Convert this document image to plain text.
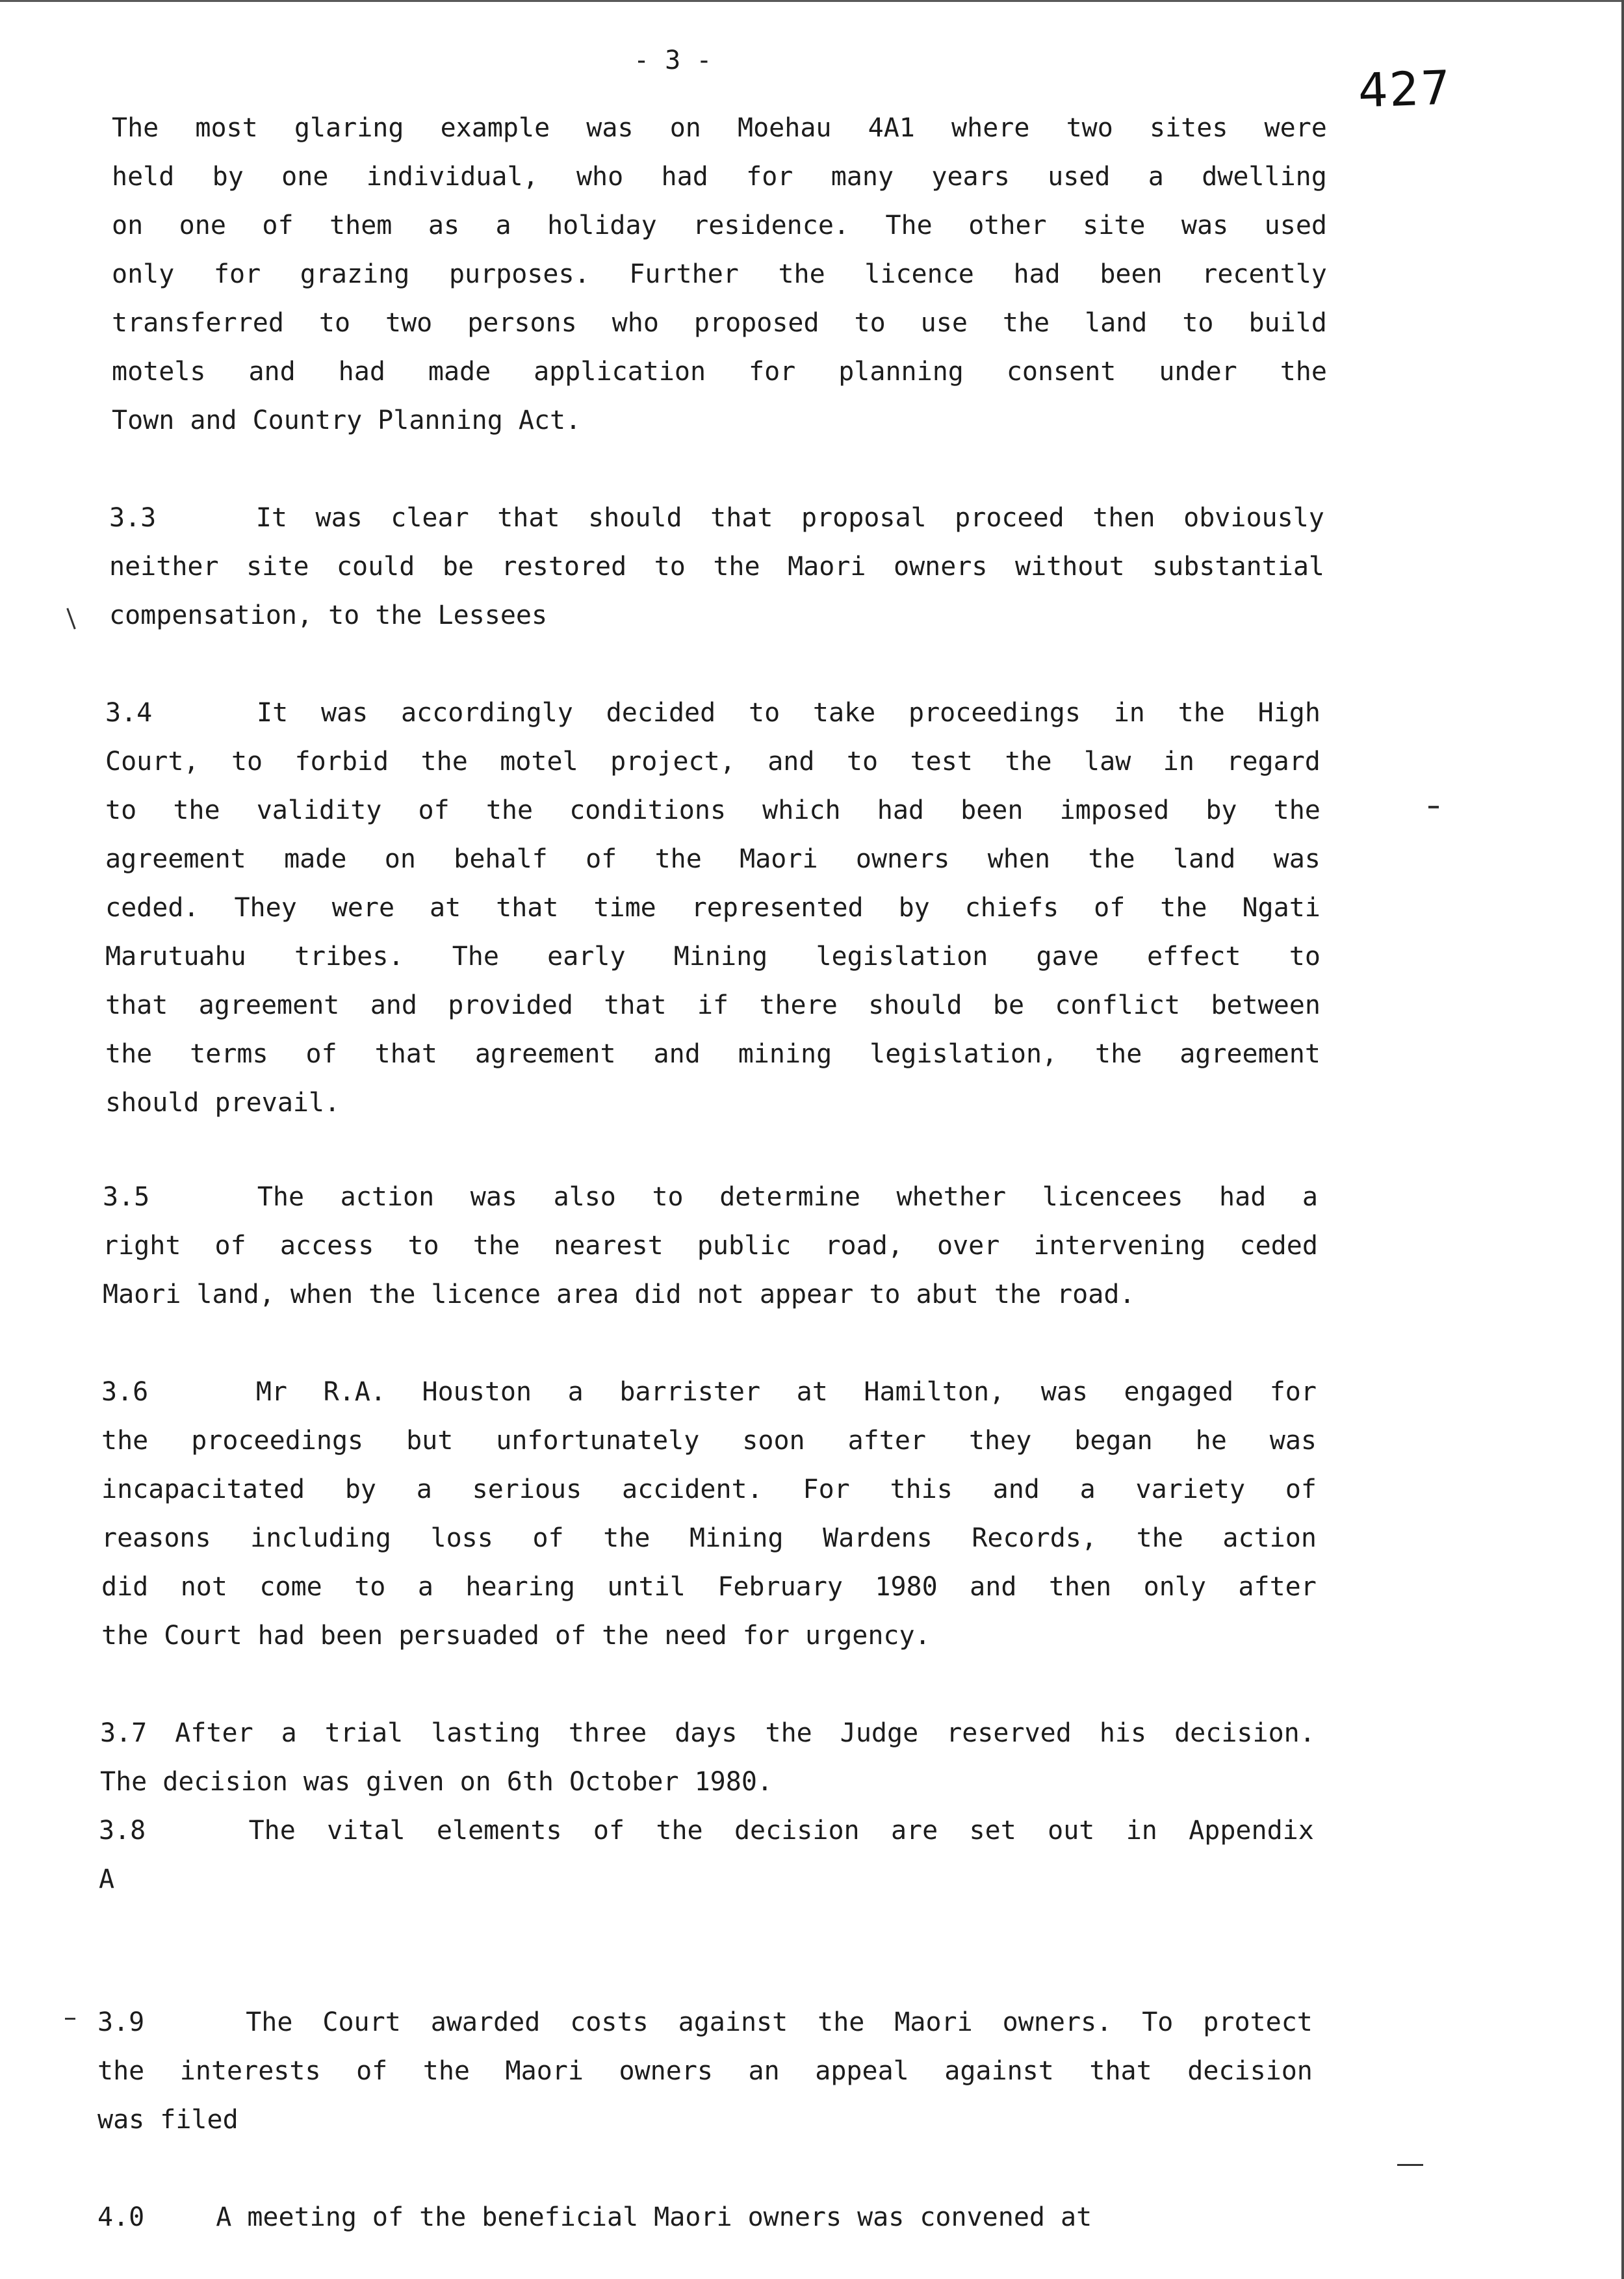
- 3 -	427
The most glaring example was on Moehau 4A1 where two sites were
held by one individual, who had for many years used a dwelling
on one of them as a holiday residence. The other site was used
only for grazing purposes. Further the licence had been recently
transferred to two persons who proposed to use the land to build
motels and had made application for planning consent under the
Town and Country Planning Act.
3.3	It was clear that should that proposal proceed then obviously
neither site could be restored to the Maori owners without substantial
compensation, to the Lessees
3.4	It was accordingly decided to take proceedings in the High
Court, to forbid the motel project, and to test the law in regard
to the validity of the conditions which had been imposed by the
agreement made on behalf of the Maori owners when the land was
ceded. They were at that time represented by chiefs of the Ngati
Marutuahu tribes. The early Mining legislation gave effect to
that agreement and provided that if there should be conflict between
the terms of that agreement and mining legislation, the agreement
should prevail.
3.5	The action was also to determine whether licencees had a
right of access to the nearest public road, over intervening ceded
Maori land, when the licence area did not appear to abut the road.
3.6	Mr R.A. Houston a barrister at Hamilton, was engaged for
the proceedings but unfortunately soon after they began he was
incapacitated by a serious accident. For this and a variety of
reasons including loss of the Mining Wardens Records, the action
did not come to a hearing until February 1980 and then only after
the Court had been persuaded of the need for urgency.
3.7 After a trial lasting three days the Judge reserved his decision.
The decision was given on 6th October 1980.
3.8	The vital elements of the decision are set out in Appendix
A
3.9	The Court awarded costs against the Maori owners. To protect
the interests of the Maori owners an appeal against that decision
was filed
4.0	A meeting of the beneficial Maori owners was convened at
